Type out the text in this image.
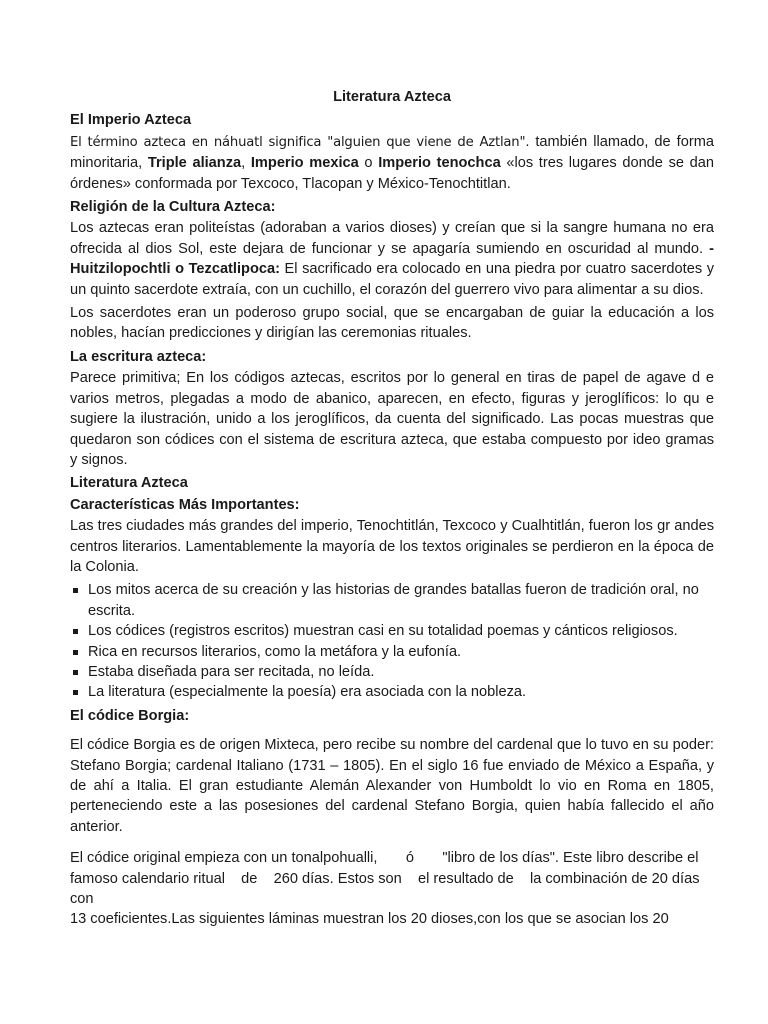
Literatura Azteca
El Imperio Azteca

El término azteca en náhuatl significa "alguien que viene de Aztlan". también llamado, de forma minoritaria, Triple alianza, Imperio mexica o Imperio tenochca «los tres lugares donde se dan órdenes» conformada por Texcoco, Tlacopan y México-Tenochtitlan.

Religión de la Cultura Azteca:

Los aztecas eran politeístas (adoraban a varios dioses) y creían que si la sangre humana no era ofrecida al dios Sol, este dejara de funcionar y se apagaría sumiendo en oscuridad al mundo. - Huitzilopochtli o Tezcatlipoca: El sacrificado era colocado en una piedra por cuatro sacerdotes y un quinto sacerdote extraía, con un cuchillo, el corazón del guerrero vivo para alimentar a su dios.

Los sacerdotes eran un poderoso grupo social, que se encargaban de guiar la educación a los nobles, hacían predicciones y dirigían las ceremonias rituales.

La escritura azteca:

Parece primitiva; En los códigos aztecas, escritos por lo general en tiras de papel de agave d e varios metros, plegadas a modo de abanico, aparecen, en efecto, figuras y jeroglíficos: lo qu e sugiere la ilustración, unido a los jeroglíficos, da cuenta del significado. Las pocas muestras que quedaron son códices con el sistema de escritura azteca, que estaba compuesto por ideo gramas y signos.

Literatura Azteca
Características Más Importantes:

Las tres ciudades más grandes del imperio, Tenochtitlán, Texcoco y Cualhtitlán, fueron los gr andes centros literarios. Lamentablemente la mayoría de los textos originales se perdieron en la época de la Colonia.

Los mitos acerca de su creación y las historias de grandes batallas fueron de tradición oral, no escrita.
Los códices (registros escritos) muestran casi en su totalidad poemas y cánticos religiosos.
Rica en recursos literarios, como la metáfora y la eufonía.
Estaba diseñada para ser recitada, no leída.
La literatura (especialmente la poesía) era asociada con la nobleza.
El códice Borgia:

El códice Borgia es de origen Mixteca, pero recibe su nombre del cardenal que lo tuvo en su poder: Stefano Borgia; cardenal Italiano (1731 – 1805). En el siglo 16 fue enviado de México a España, y de ahí a Italia. El gran estudiante Alemán Alexander von Humboldt lo vio en Roma en 1805, perteneciendo este a las posesiones del cardenal Stefano Borgia, quien había fallecido el año anterior.

El códice original empieza con un tonalpohualli,       ó       "libro de los días". Este libro describe el famoso calendario ritual    de    260 días. Estos son    el resultado de    la combinación de 20 días con

13 coeficientes.Las siguientes láminas muestran los 20 dioses,con los que se asocian los 20
